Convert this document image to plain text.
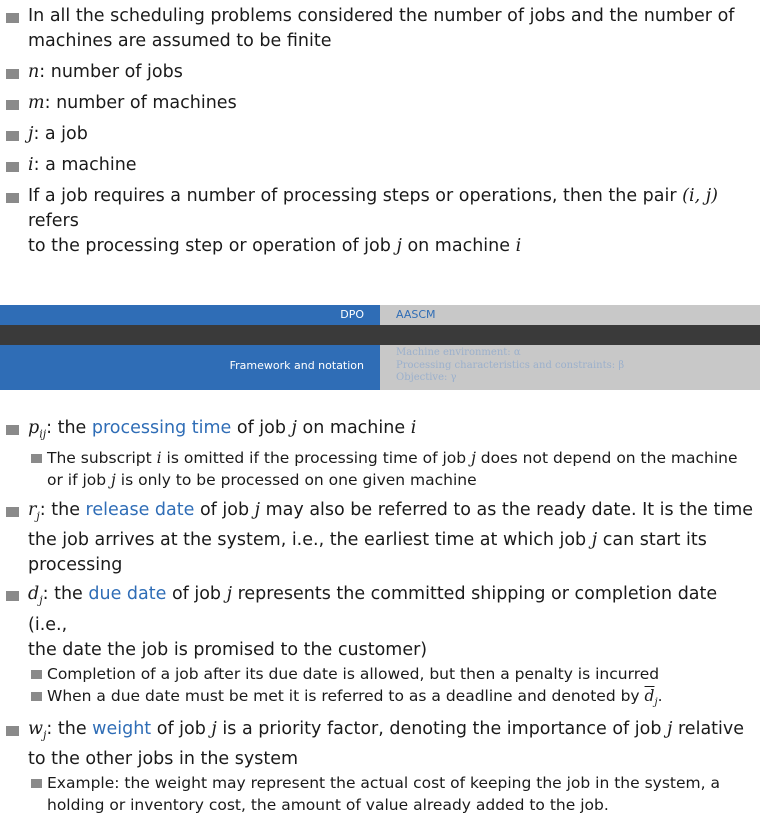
In all the scheduling problems considered the number of jobs and the number of
machines are assumed to be finite
n: number of jobs
m: number of machines
j: a job
i: a machine
If a job requires a number of processing steps or operations, then the pair (i, j) refers
to the processing step or operation of job j on machine i
DPO	AASCM
Framework and notation
Machine environment: α
Processing characteristics and constraints: β
Objective: γ
$p_{ij}$: the processing time of job j on machine i
The subscript i is omitted if the processing time of job j does not depend on the machine
or if job j is only to be processed on one given machine
$r_j$: the release date of job j may also be referred to as the ready date. It is the time
the job arrives at the system, i.e., the earliest time at which job j can start its
processing
$d_j$: the due date of job j represents the committed shipping or completion date (i.e.,
the date the job is promised to the customer)
Completion of a job after its due date is allowed, but then a penalty is incurred
When a due date must be met it is referred to as a deadline and denoted by $\overline{d}_j$.
$w_j$: the weight of job j is a priority factor, denoting the importance of job j relative
to the other jobs in the system
Example: the weight may represent the actual cost of keeping the job in the system, a
holding or inventory cost, the amount of value already added to the job.
